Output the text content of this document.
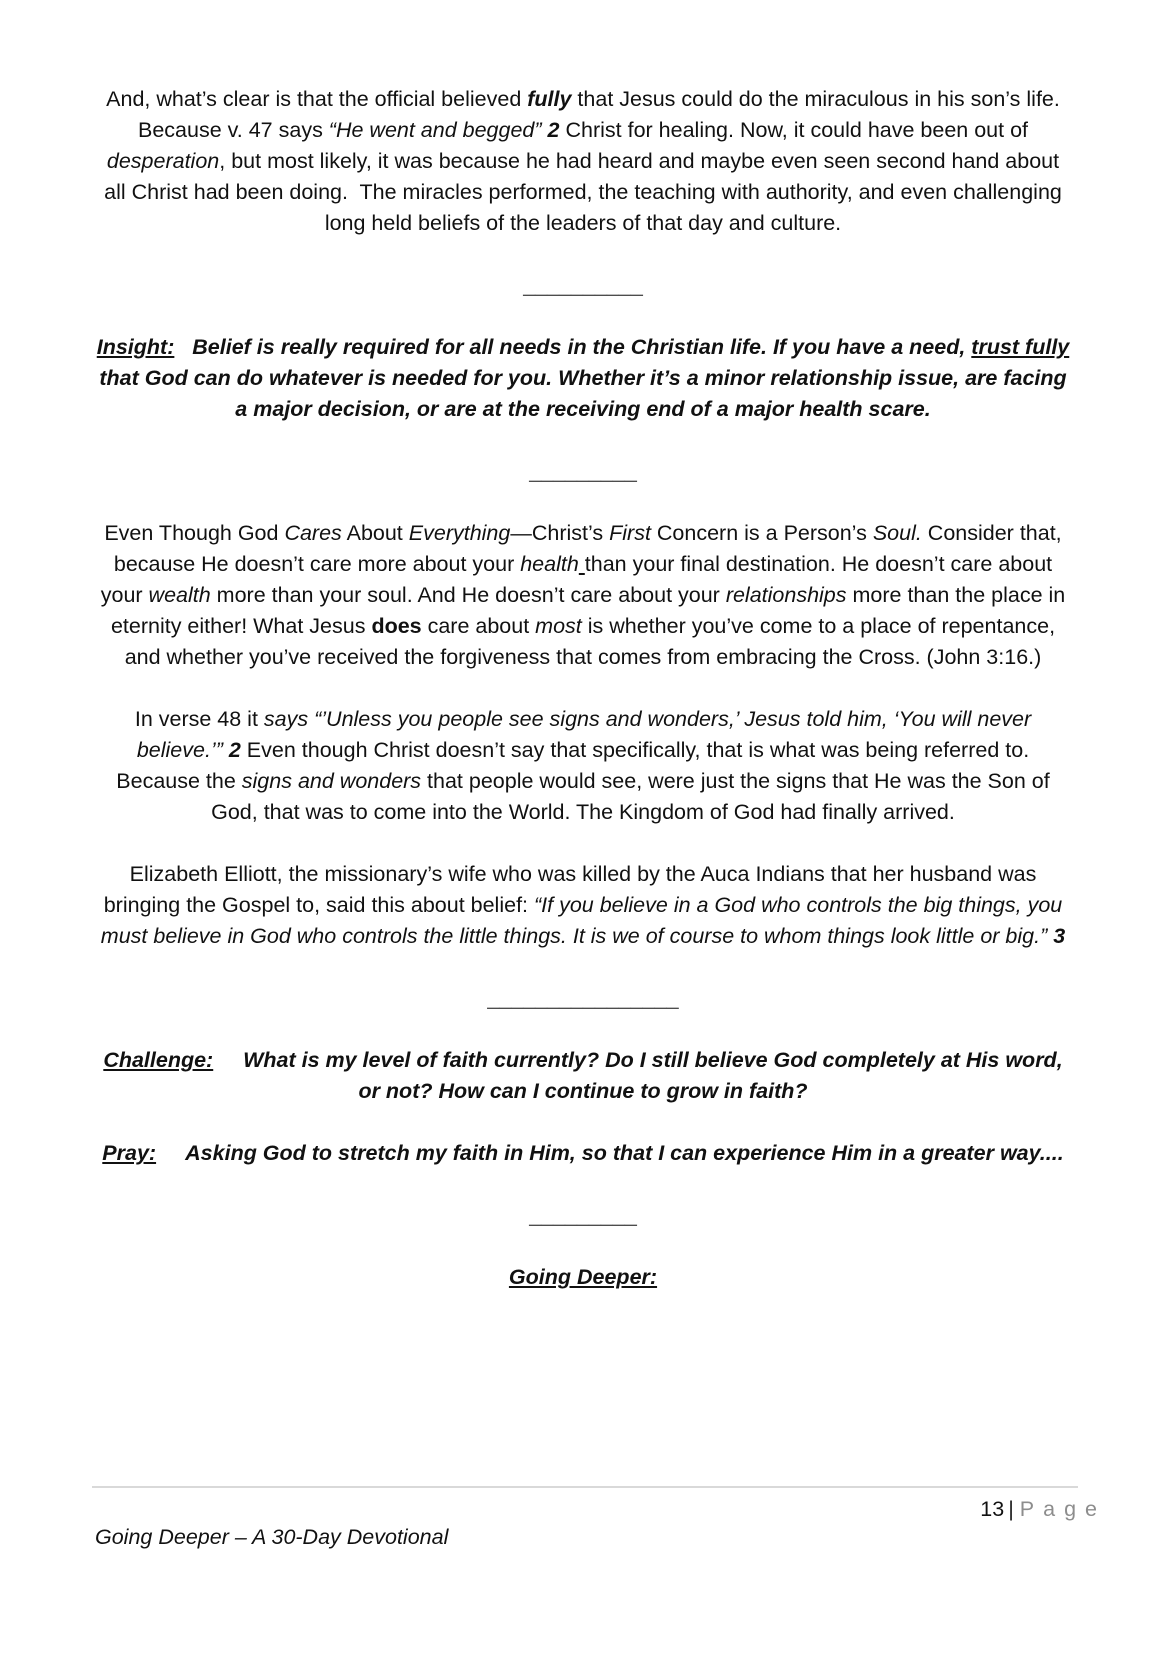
And, what’s clear is that the official believed fully that Jesus could do the miraculous in his son’s life. Because v. 47 says “He went and begged” 2 Christ for healing. Now, it could have been out of desperation, but most likely, it was because he had heard and maybe even seen second hand about all Christ had been doing.  The miracles performed, the teaching with authority, and even challenging long held beliefs of the leaders of that day and culture.

__________

Insight: Belief is really required for all needs in the Christian life. If you have a need, trust fully that God can do whatever is needed for you. Whether it’s a minor relationship issue, are facing a major decision, or are at the receiving end of a major health scare.

_________

Even Though God Cares About Everything—Christ’s First Concern is a Person’s Soul. Consider that, because He doesn’t care more about your health than your final destination. He doesn’t care about your wealth more than your soul. And He doesn’t care about your relationships more than the place in eternity either! What Jesus does care about most is whether you’ve come to a place of repentance, and whether you’ve received the forgiveness that comes from embracing the Cross. (John 3:16.)

In verse 48 it says “’Unless you people see signs and wonders,’ Jesus told him, ‘You will never believe.’” 2 Even though Christ doesn’t say that specifically, that is what was being referred to. Because the signs and wonders that people would see, were just the signs that He was the Son of God, that was to come into the World. The Kingdom of God had finally arrived.

Elizabeth Elliott, the missionary’s wife who was killed by the Auca Indians that her husband was bringing the Gospel to, said this about belief: “If you believe in a God who controls the big things, you must believe in God who controls the little things. It is we of course to whom things look little or big.” 3

________________

Challenge: What is my level of faith currently? Do I still believe God completely at His word, or not? How can I continue to grow in faith?

Pray: Asking God to stretch my faith in Him, so that I can experience Him in a greater way....

_________

Going Deeper:

13 | Page
Going Deeper – A 30-Day Devotional
